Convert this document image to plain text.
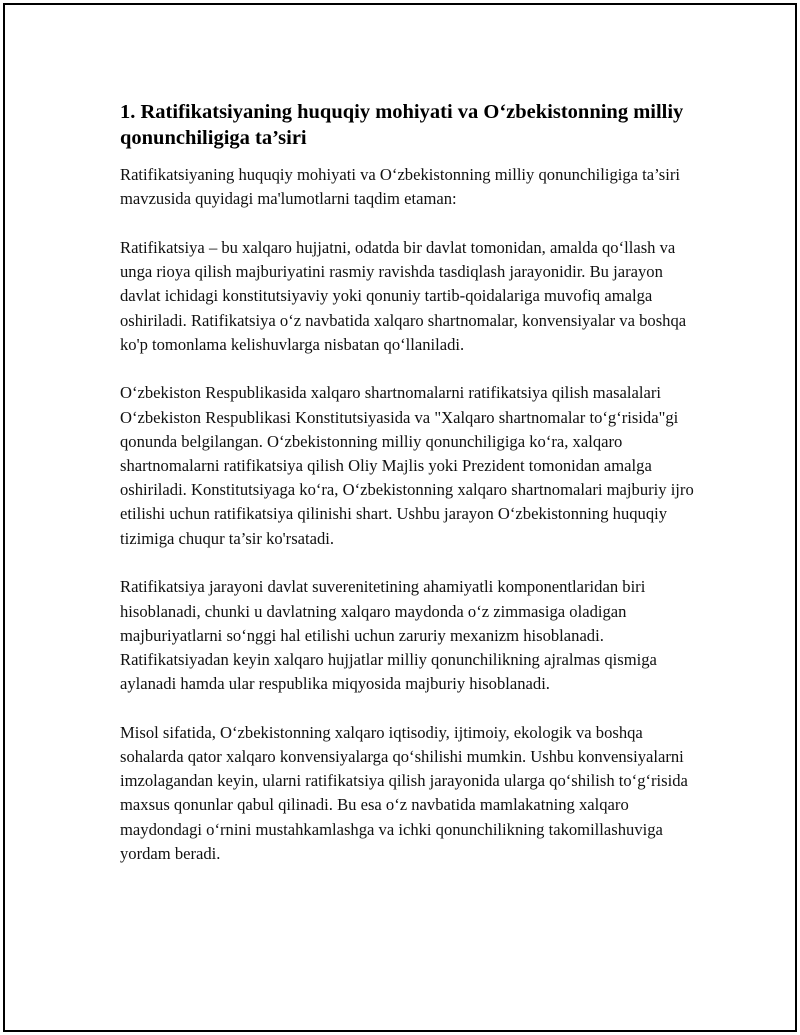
1. Ratifikatsiyaning huquqiy mohiyati va O‘zbekistonning milliy qonunchiligiga ta’siri

Ratifikatsiyaning huquqiy mohiyati va O‘zbekistonning milliy qonunchiligiga ta’siri mavzusida quyidagi ma'lumotlarni taqdim etaman:

Ratifikatsiya – bu xalqaro hujjatni, odatda bir davlat tomonidan, amalda qo‘llash va unga rioya qilish majburiyatini rasmiy ravishda tasdiqlash jarayonidir. Bu jarayon davlat ichidagi konstitutsiyaviy yoki qonuniy tartib-qoidalariga muvofiq amalga oshiriladi. Ratifikatsiya o‘z navbatida xalqaro shartnomalar, konvensiyalar va boshqa ko'p tomonlama kelishuvlarga nisbatan qo‘llaniladi.

O‘zbekiston Respublikasida xalqaro shartnomalarni ratifikatsiya qilish masalalari O‘zbekiston Respublikasi Konstitutsiyasida va "Xalqaro shartnomalar to‘g‘risida"gi qonunda belgilangan. O‘zbekistonning milliy qonunchiligiga ko‘ra, xalqaro shartnomalarni ratifikatsiya qilish Oliy Majlis yoki Prezident tomonidan amalga oshiriladi. Konstitutsiyaga ko‘ra, O‘zbekistonning xalqaro shartnomalari majburiy ijro etilishi uchun ratifikatsiya qilinishi shart. Ushbu jarayon O‘zbekistonning huquqiy tizimiga chuqur ta’sir ko'rsatadi.

Ratifikatsiya jarayoni davlat suverenitetining ahamiyatli komponentlaridan biri hisoblanadi, chunki u davlatning xalqaro maydonda o‘z zimmasiga oladigan majburiyatlarni so‘nggi hal etilishi uchun zaruriy mexanizm hisoblanadi. Ratifikatsiyadan keyin xalqaro hujjatlar milliy qonunchilikning ajralmas qismiga aylanadi hamda ular respublika miqyosida majburiy hisoblanadi.

Misol sifatida, O‘zbekistonning xalqaro iqtisodiy, ijtimoiy, ekologik va boshqa sohalarda qator xalqaro konvensiyalarga qo‘shilishi mumkin. Ushbu konvensiyalarni imzolagandan keyin, ularni ratifikatsiya qilish jarayonida ularga qo‘shilish to‘g‘risida maxsus qonunlar qabul qilinadi. Bu esa o‘z navbatida mamlakatning xalqaro maydondagi o‘rnini mustahkamlashga va ichki qonunchilikning takomillashuviga yordam beradi.
